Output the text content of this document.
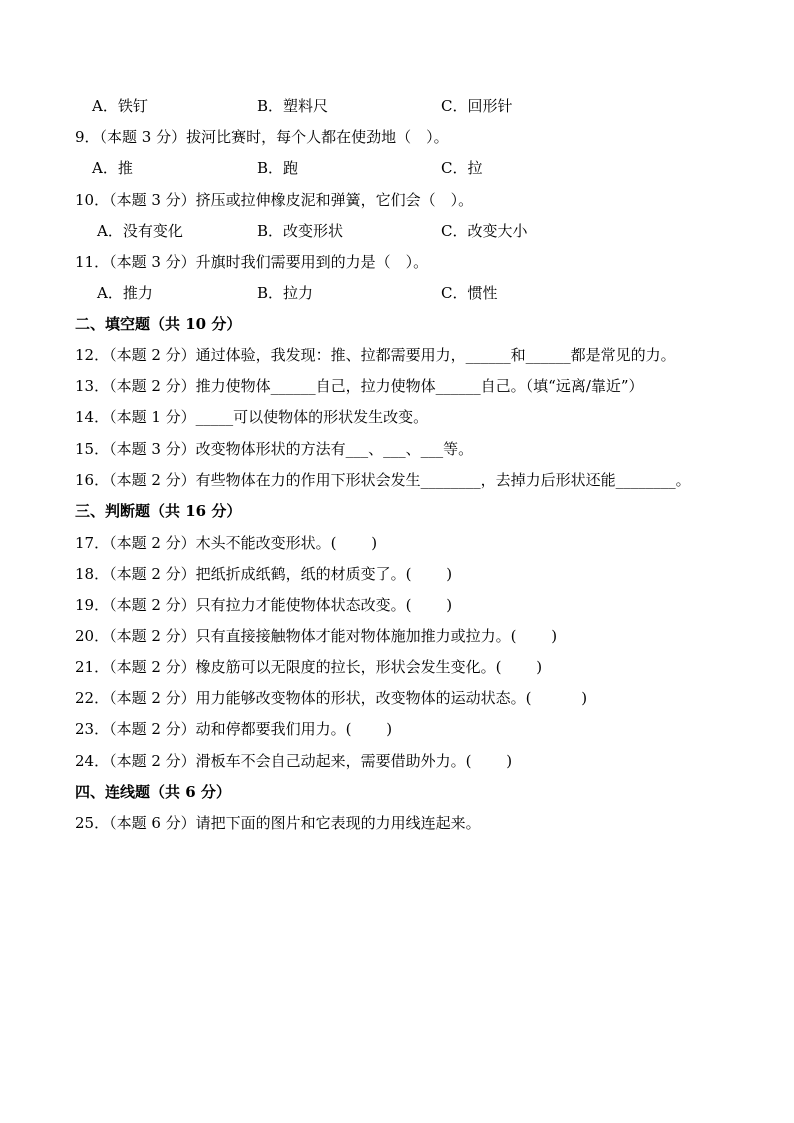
A．铁钉	B．塑料尺	C．回形针
9．（本题 3 分）拔河比赛时，每个人都在使劲地（　）。
A．推	B．跑	C．拉
10．（本题 3 分）挤压或拉伸橡皮泥和弹簧，它们会（　）。
A．没有变化	B．改变形状	C．改变大小
11．（本题 3 分）升旗时我们需要用到的力是（　）。
A．推力	B．拉力	C．惯性
二、填空题（共 10 分）
12．（本题 2 分）通过体验，我发现：推、拉都需要用力，______和______都是常见的力。
13．（本题 2 分）推力使物体______自己，拉力使物体______自己。（填“远离/靠近”）
14．（本题 1 分）_____可以使物体的形状发生改变。
15．（本题 3 分）改变物体形状的方法有___、___、___等。
16．（本题 2 分）有些物体在力的作用下形状会发生________，去掉力后形状还能________。
三、判断题（共 16 分）
17．（本题 2 分）木头不能改变形状。(　　 )
18．（本题 2 分）把纸折成纸鹤，纸的材质变了。(　　 )
19．（本题 2 分）只有拉力才能使物体状态改变。(　　 )
20．（本题 2 分）只有直接接触物体才能对物体施加推力或拉力。(　　 )
21．（本题 2 分）橡皮筋可以无限度的拉长，形状会发生变化。(　　 )
22．（本题 2 分）用力能够改变物体的形状，改变物体的运动状态。(　　 　)
23．（本题 2 分）动和停都要我们用力。(　　 )
24．（本题 2 分）滑板车不会自己动起来，需要借助外力。(　　 )
四、连线题（共 6 分）
25．（本题 6 分）请把下面的图片和它表现的力用线连起来。
